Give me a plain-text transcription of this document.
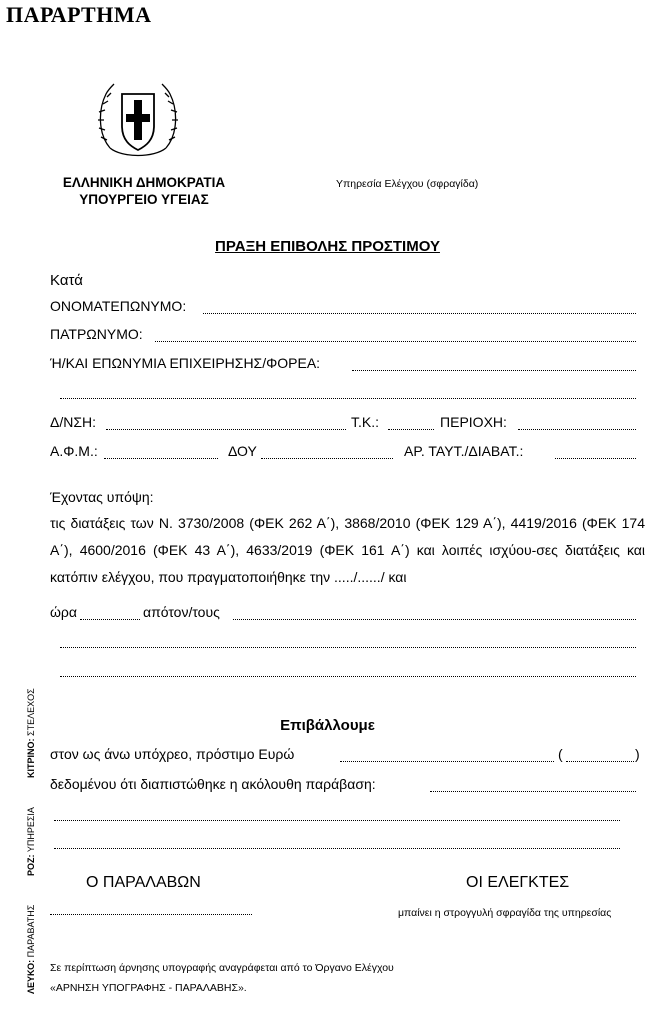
ΠΑΡΑΡΤΗΜΑ
ΕΛΛΗΝΙΚΗ ΔΗΜΟΚΡΑΤΙΑ
ΥΠΟΥΡΓΕΙΟ ΥΓΕΙΑΣ
Υπηρεσία Ελέγχου (σφραγίδα)
ΠΡΑΞΗ ΕΠΙΒΟΛΗΣ ΠΡΟΣΤΙΜΟΥ
Κατά
ΟΝΟΜΑΤΕΠΩΝΥΜΟ:
ΠΑΤΡΩΝΥΜΟ:
Ή/ΚΑΙ ΕΠΩΝΥΜΙΑ ΕΠΙΧΕΙΡΗΣΗΣ/ΦΟΡΕΑ:
Δ/ΝΣΗ:	Τ.Κ.:	ΠΕΡΙΟΧΗ:
Α.Φ.Μ.:	ΔΟΥ	ΑΡ. ΤΑΥΤ./ΔΙΑΒΑΤ.:
Έχοντας υπόψη:
τις διατάξεις των Ν. 3730/2008 (ΦΕΚ 262 Α΄), 3868/2010 (ΦΕΚ 129 Α΄), 4419/2016 (ΦΕΚ 174 Α΄), 4600/2016 (ΦΕΚ 43 Α΄), 4633/2019 (ΦΕΚ 161 Α΄) και λοιπές ισχύου-σες διατάξεις και κατόπιν ελέγχου, που πραγματοποιήθηκε την ...../....../ και
ώρα	απότον/τους
Επιβάλλουμε
στον ως άνω υπόχρεο, πρόστιμο Ευρώ	(	)
δεδομένου ότι διαπιστώθηκε η ακόλουθη παράβαση:
Ο ΠΑΡΑΛΑΒΩΝ	ΟΙ ΕΛΕΓΚΤΕΣ
μπαίνει η στρογγυλή σφραγίδα της υπηρεσίας
Σε περίπτωση άρνησης υπογραφής αναγράφεται από το Όργανο Ελέγχου
«ΑΡΝΗΣΗ ΥΠΟΓΡΑΦΗΣ - ΠΑΡΑΛΑΒΗΣ».
ΚΙΤΡΙΝΟ: ΣΤΕΛΕΧΟΣ
ΡΟΖ: ΥΠΗΡΕΣΙΑ
ΛΕΥΚΟ: ΠΑΡΑΒΑΤΗΣ
